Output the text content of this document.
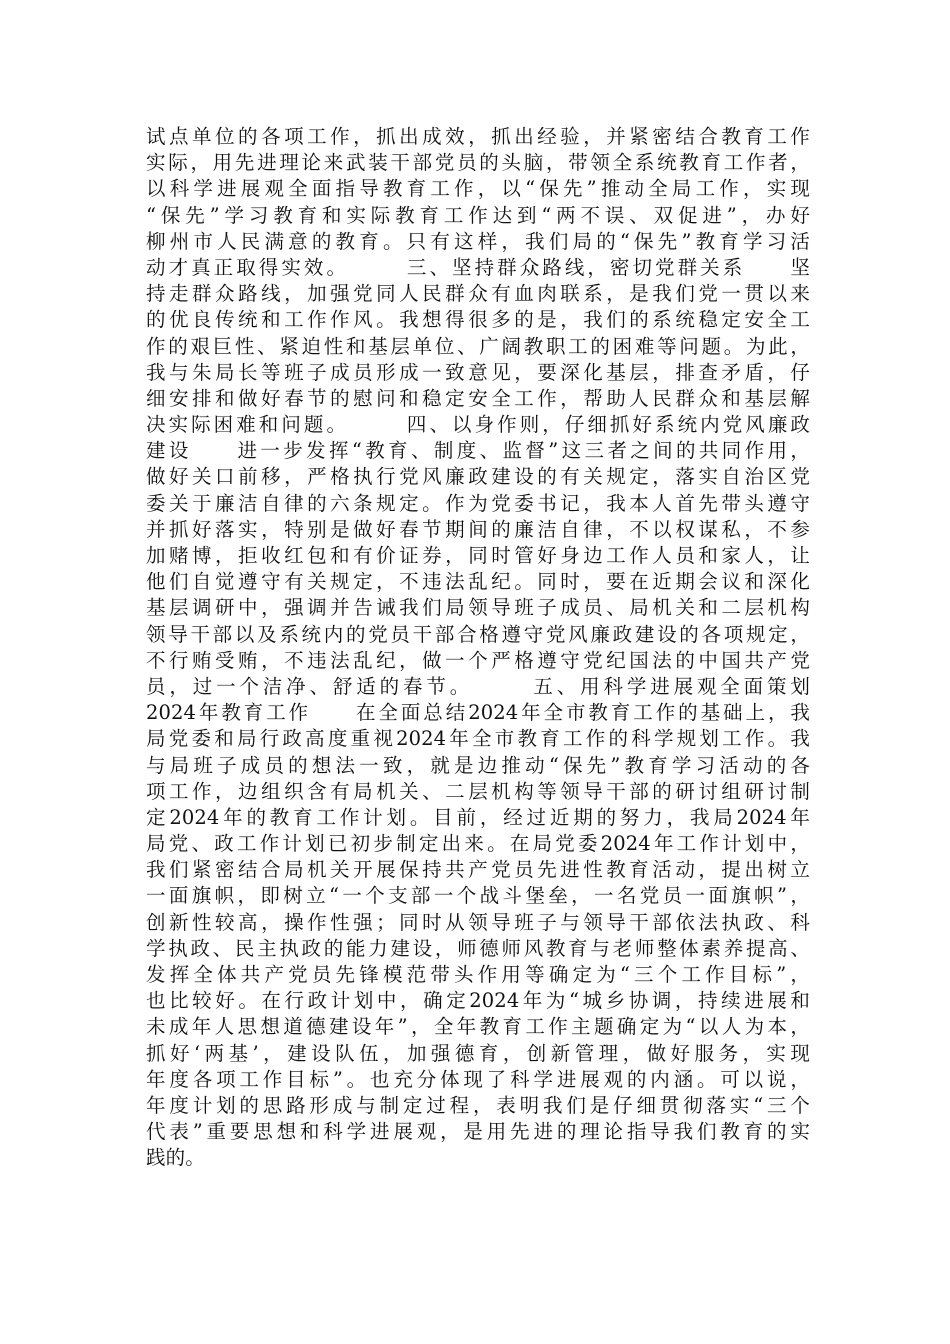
试点单位的各项工作，抓出成效，抓出经验，并紧密结合教育工作
实际，用先进理论来武装干部党员的头脑，带领全系统教育工作者，
以科学进展观全面指导教育工作，以“保先”推动全局工作，实现
“保先”学习教育和实际教育工作达到“两不误、双促进”，办好
柳州市人民满意的教育。只有这样，我们局的“保先”教育学习活
动才真正取得实效。　　　三、坚持群众路线，密切党群关系　　坚
持走群众路线，加强党同人民群众有血肉联系，是我们党一贯以来
的优良传统和工作作风。我想得很多的是，我们的系统稳定安全工
作的艰巨性、紧迫性和基层单位、广阔教职工的困难等问题。为此，
我与朱局长等班子成员形成一致意见，要深化基层，排查矛盾，仔
细安排和做好春节的慰问和稳定安全工作，帮助人民群众和基层解
决实际困难和问题。　　　四、以身作则，仔细抓好系统内党风廉政
建设　　进一步发挥“教育、制度、监督”这三者之间的共同作用，
做好关口前移，严格执行党风廉政建设的有关规定，落实自治区党
委关于廉洁自律的六条规定。作为党委书记，我本人首先带头遵守
并抓好落实，特别是做好春节期间的廉洁自律，不以权谋私，不参
加赌博，拒收红包和有价证券，同时管好身边工作人员和家人，让
他们自觉遵守有关规定，不违法乱纪。同时，要在近期会议和深化
基层调研中，强调并告诫我们局领导班子成员、局机关和二层机构
领导干部以及系统内的党员干部合格遵守党风廉政建设的各项规定，
不行贿受贿，不违法乱纪，做一个严格遵守党纪国法的中国共产党
员，过一个洁净、舒适的春节。　　　五、用科学进展观全面策划
2024年教育工作　　在全面总结2024年全市教育工作的基础上，我
局党委和局行政高度重视2024年全市教育工作的科学规划工作。我
与局班子成员的想法一致，就是边推动“保先”教育学习活动的各
项工作，边组织含有局机关、二层机构等领导干部的研讨组研讨制
定2024年的教育工作计划。目前，经过近期的努力，我局2024年
局党、政工作计划已初步制定出来。在局党委2024年工作计划中，
我们紧密结合局机关开展保持共产党员先进性教育活动，提出树立
一面旗帜，即树立“一个支部一个战斗堡垒，一名党员一面旗帜”，
创新性较高，操作性强；同时从领导班子与领导干部依法执政、科
学执政、民主执政的能力建设，师德师风教育与老师整体素养提高、
发挥全体共产党员先锋模范带头作用等确定为“三个工作目标”，
也比较好。在行政计划中，确定2024年为“城乡协调，持续进展和
未成年人思想道德建设年”，全年教育工作主题确定为“以人为本，
抓好‘两基’，建设队伍，加强德育，创新管理，做好服务，实现
年度各项工作目标”。也充分体现了科学进展观的内涵。可以说，
年度计划的思路形成与制定过程，表明我们是仔细贯彻落实“三个
代表”重要思想和科学进展观，是用先进的理论指导我们教育的实
践的。
